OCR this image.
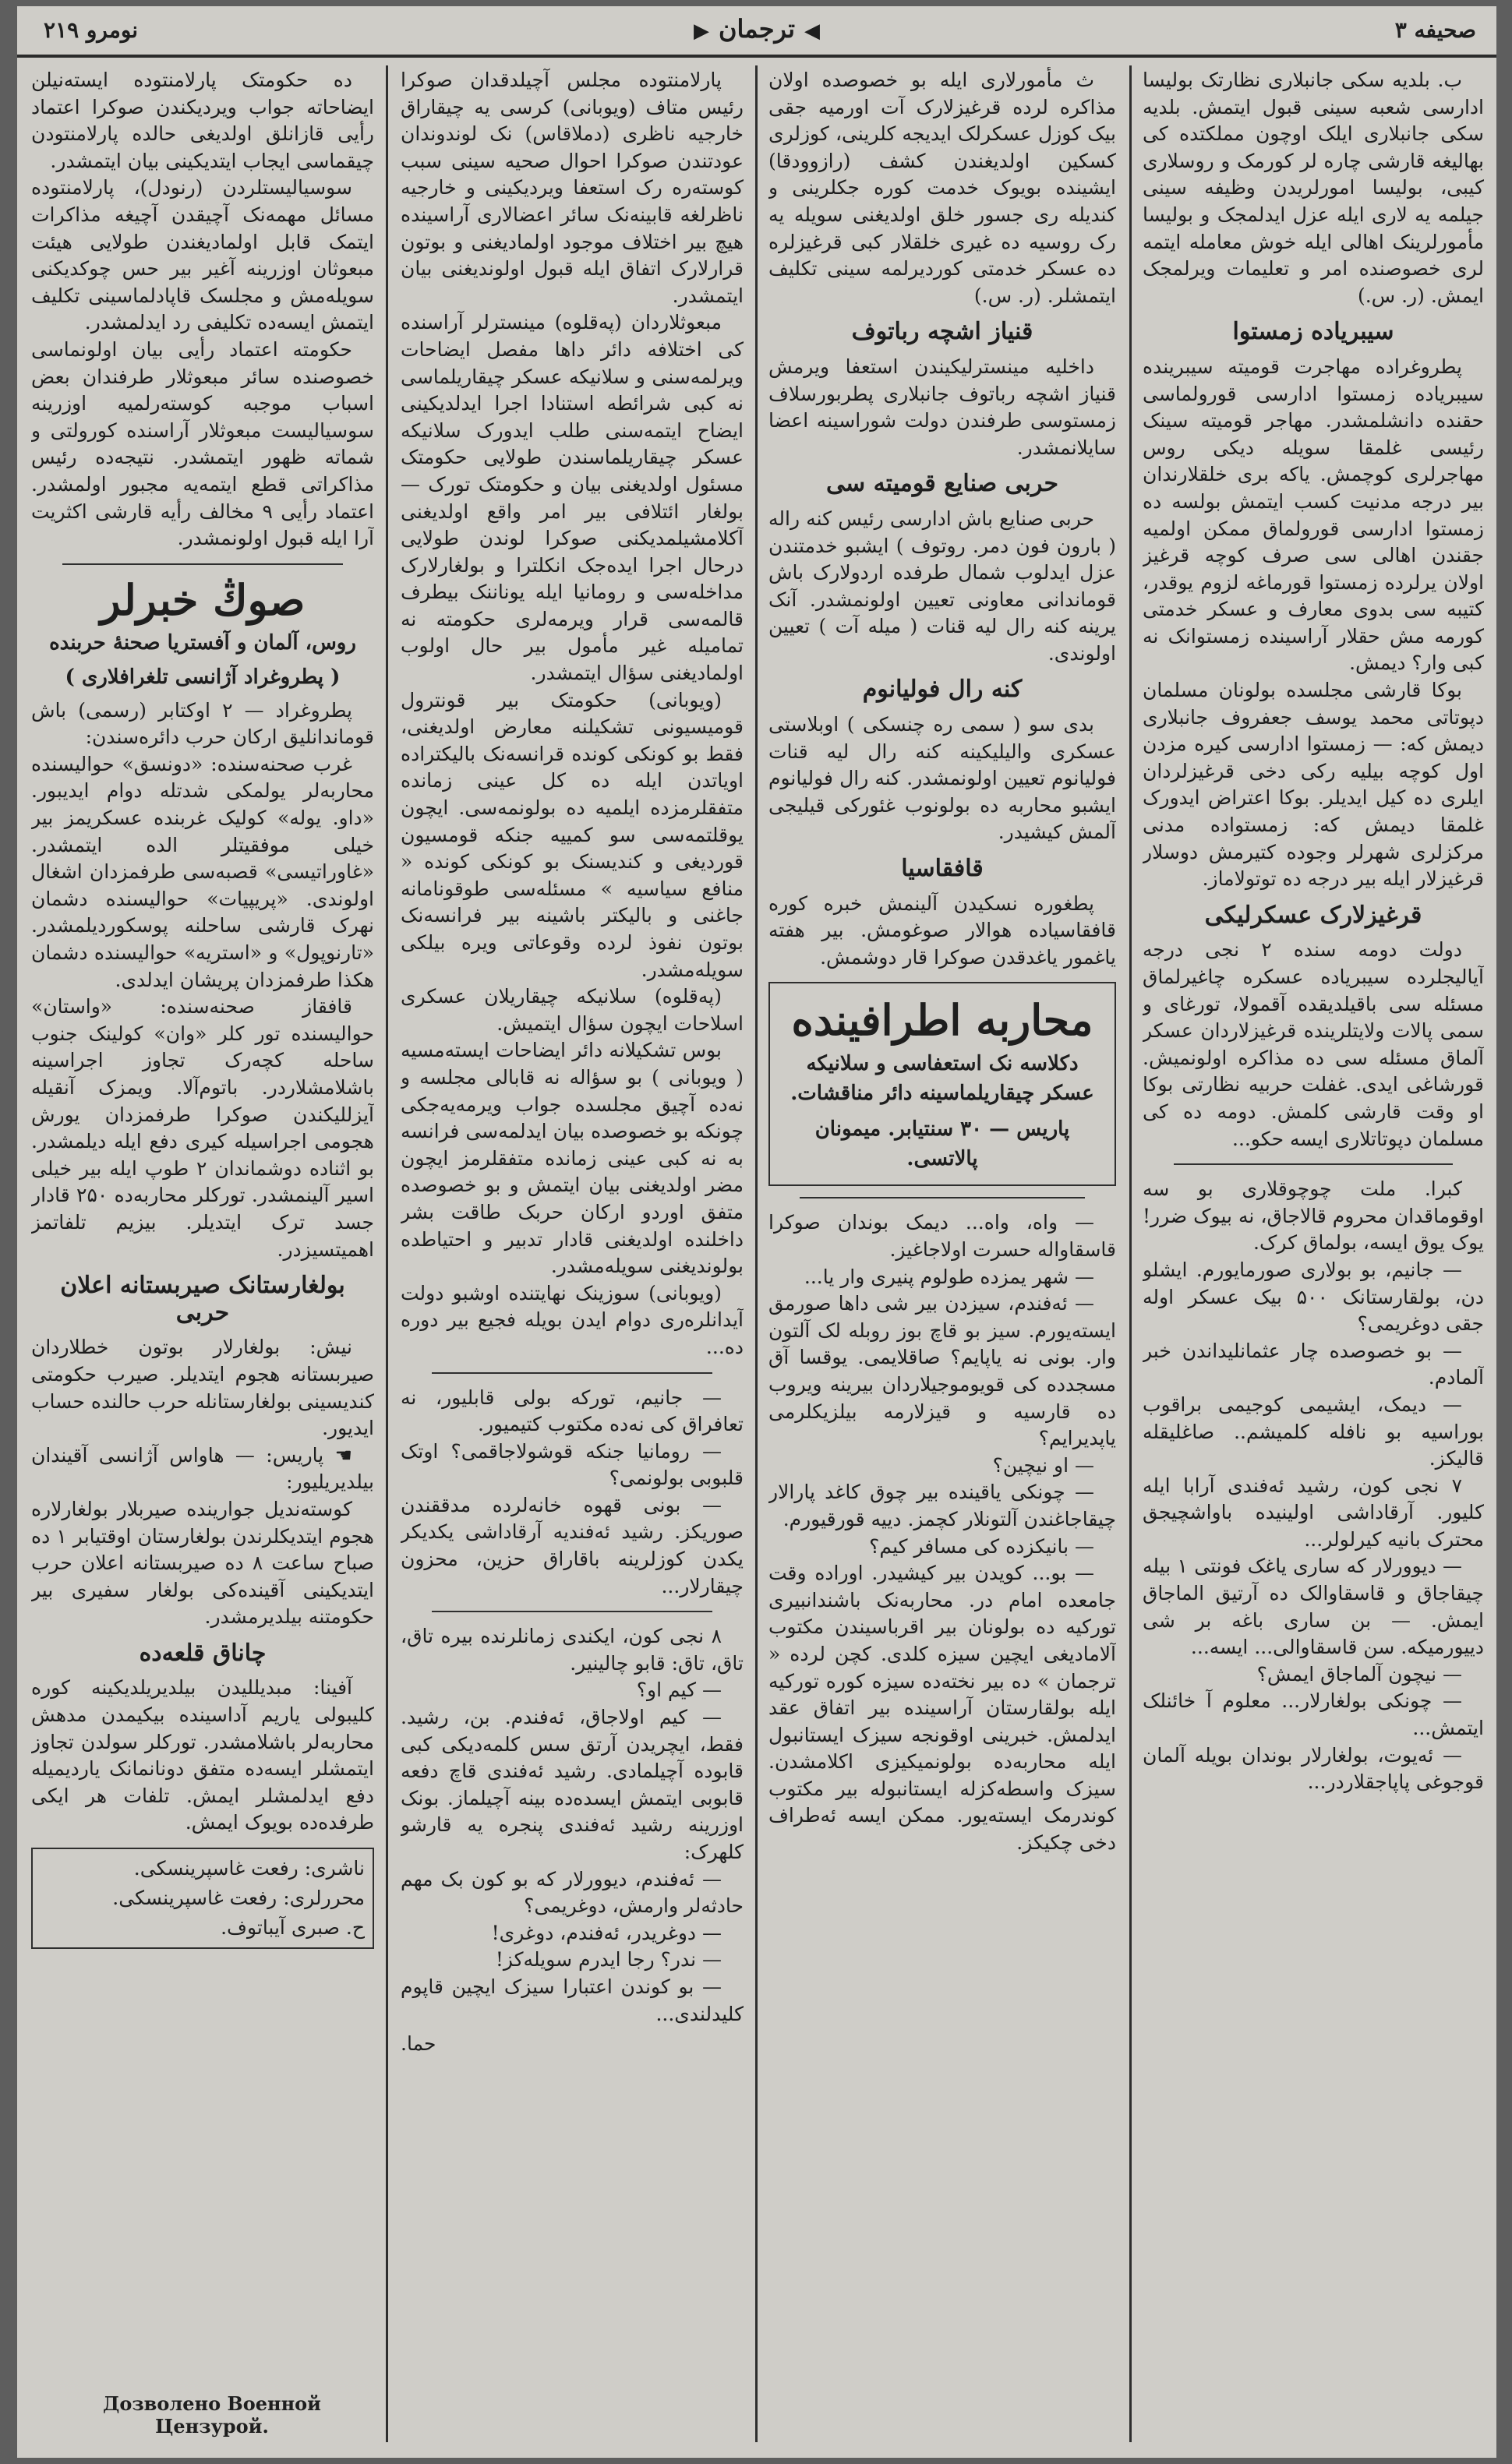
صحیفه ۳
◀ترجمان▶
نومرو ۲۱۹

ب. بلدیه سکی جانبلاری نظارتک بولیسا ادارسی شعبه سینی قبول ایتمش. بلدیه سکی جانبلاری ایلک اوچون مملکتده کی بهالیغه قارشی چاره لر کورمک و روسلاری کیبی، بولیسا امورلریدن وظیفه سینی جیلمه یه لاری ایله عزل ایدلمجک و بولیسا مأمورلرینک اهالی ایله خوش معامله ایتمه لری خصوصنده امر و تعلیمات ویرلمجک ایمش. (ر. س.)

سیبریاده زمستوا

پطروغراده مهاجرت قومیته سیبرینده سیبریاده زمستوا ادارسی قورولماسی حقنده دانشلمشدر. مهاجر قومیته سینک رئیسی غلمقا سویله دیکی روس مهاجرلری کوچمش. یاکه بری خلقلارندان بیر درجه مدنیت کسب ایتمش بولسه ده زمستوا ادارسی قورولماق ممکن اولمیه جقندن اهالی سی صرف کوچه قرغیز اولان یرلرده زمستوا قورماغه لزوم یوقدر، کتیبه سی بدوی معارف و عسکر خدمتی کورمه مش حقلار آراسینده زمستوانک نه کبی وار؟ دیمش.

بوکا قارشی مجلسده بولونان مسلمان دپوتاتی محمد یوسف جعفروف جانبلاری دیمش که: — زمستوا ادارسی کیره مزدن اول کوچه بیلیه رکی دخی قرغیزلردان ایلری ده کیل ایدیلر. بوکا اعتراض ایدورک غلمقا دیمش که: زمستواده مدنی مرکزلری شهرلر وجوده کتیرمش دوسلار قرغیزلار ایله بیر درجه ده توتولاماز.

قرغیزلارک عسکرلیکی

دولت دومه سنده ۲ نجی درجه آیالیجلرده سیبریاده عسکره چاغیرلماق مسئله سی باقیلدیقده آقمولا، تورغای و سمی پالات ولایتلرینده قرغیزلاردان عسکر آلماق مسئله سی ده مذاکره اولونمیش. قورشاغی ایدی. غفلت حربیه نظارتی بوکا او وقت قارشی کلمش. دومه ده کی مسلمان دپوتاتلاری ایسه حکو...

کبرا. ملت چوچوقلاری بو سه اوقوماقدان محروم قالاجاق، نه بیوک ضرر! یوک یوق ایسه، بولماق کرک.

— جانیم، بو بولاری صورمایورم. ایشلو دن، بولقارستانک ۵۰۰ بیک عسکر اوله جقی دوغریمی؟

— بو خصوصده چار عثمانلیداندن خبر آلمادم.

— دیمک، ایشیمی کوجیمی براقوب بوراسیه بو نافله کلمیشم.. صاغلیقله قالیکز.

۷ نجی کون، رشید ئه‌فندی آرابا ایله کلیور. آرقاداشی اولینیده باواشچیجق محترک بانیه کیرلولر...

— دیوورلار که ساری یاغک فونتی ۱ بیله چیقاجاق و قاسقاوالک ده آرتیق الماجاق ایمش. — بن ساری باغه بر شی دییورمیکه. سن قاسقاوالی... ایسه...

— نیچون آلماجاق ایمش؟

— چونکی بولغارلار... معلوم آ خائنلک ایتمش...

— ئه‌یوت، بولغارلار بوندان بویله آلمان قوجوغی پاپاجقلاردر...

ث مأمورلاری ایله بو خصوصده اولان مذاکره لرده قرغیزلارک آت اورمیه جقی بیک کوزل عسکرلک ایدیجه کلرینی، کوزلری کسکین اولدیغندن کشف (رازوودقا) ایشینده بویوک خدمت کوره جکلرینی و کندیله ری جسور خلق اولدیغنی سویله یه رک روسیه ده غیری خلقلار کبی قرغیزلره ده عسکر خدمتی کوردیرلمه سینی تکلیف ایتمشلر. (ر. س.)

قنیاز اشچه رباتوف

داخلیه مینسترلیکیندن استعفا ویرمش قنیاز اشچه رباتوف جانبلاری پطربورسلاف زمستوسی طرفندن دولت شوراسینه اعضا سایلانمشدر.

حربی صنایع قومیته سی

حربی صنایع باش ادارسی رئیس کنه راله ( بارون فون دمر. روتوف ) ایشبو خدمتندن عزل ایدلوب شمال طرفده اردولارک باش قوماندانی معاونی تعیین اولونمشدر. آنک یرینه کنه رال لیه قنات ( میله آت ) تعیین اولوندی.

کنه رال فولیانوم

بدی سو ( سمی ره چنسکی ) اوبلاستی عسکری والیلیکینه کنه رال لیه قنات فولیانوم تعیین اولونمشدر. کنه رال فولیانوم ایشبو محاربه ده بولونوب غئورکی قیلیجی آلمش کیشیدر.

قافقاسیا

پطغوره نسکیدن آلینمش خبره کوره قافقاسیاده هوالار صوغومش. بیر هفته یاغمور یاغدقدن صوکرا قار دوشمش.

محاربه اطرافینده
دکلاسه نک استعفاسی و سلانیکه عسکر چیقاریلماسینه دائر مناقشات.
پاریس — ۳۰ سنتیابر. میمونان پالاتسی.

— واه، واه... دیمک بوندان صوکرا قاسقاواله حسرت اولاجاغیز.

— شهر یمزده طولوم پنیری وار یا...

— ئه‌فندم، سیزدن بیر شی داها صورمق ایسته‌یورم. سیز بو قاچ بوز روبله لک آلتون وار. بونی نه یاپایم؟ صاقلایمی. یوقسا آق مسجدده کی قویوموجیلاردان بیرینه ویروب ده قارسیه و قیزلارمه بیلزیکلرمی یاپدیرایم؟

— او نیچین؟

— چونکی یاقینده بیر چوق کاغد پارالار چیقاجاغندن آلتونلار کچمز. دییه قورقیورم.

— بانیکزده کی مسافر کیم؟

— بو... کویدن بیر کیشیدر. اوراده وقت جامعده امام در. محاربه‌نک باشندانبیری تورکیه ده بولونان بیر اقرباسیندن مکتوب آلامادیغی ایچین سیزه کلدی. کچن لرده « ترجمان » ده بیر نخته‌ده سیزه کوره تورکیه ایله بولقارستان آراسینده بیر اتفاق عقد ایدلمش. خبرینی اوقونجه سیزک ایستانبول ایله محاربه‌ده بولونمیکیزی اکلامشدن. سیزک واسطه‌کزله ایستانبوله بیر مکتوب کوندرمک ایسته‌یور. ممکن ایسه ئه‌طراف دخی چکیکز.

پارلامنتوده مجلس آچیلدقدان صوکرا رئیس متاف (ویوبانی) کرسی یه چیقاراق خارجیه ناظری (دملاقاس) نک لوندوندان عودتندن صوکرا احوال صحیه سینی سبب کوسته‌ره رک استعفا ویردیکینی و خارجیه ناظرلغه قابینه‌نک سائر اعضالاری آراسینده هیچ بیر اختلاف موجود اولمادیغنی و بوتون قرارلارک اتفاق ایله قبول اولوندیغنی بیان ایتمشدر.

مبعوثلاردان (په‌قلوه) مینسترلر آراسنده کی اختلافه دائر داها مفصل ایضاحات ویرلمه‌سنی و سلانیکه عسکر چیقاریلماسی نه کبی شرائطه استنادا اجرا ایدلدیکینی ایضاح ایتمه‌سنی طلب ایدورک سلانیکه عسکر چیقاریلماسندن طولایی حکومتک مسئول اولدیغنی بیان و حکومتک تورک — بولغار ائتلافی بیر امر واقع اولدیغنی آکلامشیلمدیکنی صوکرا لوندن طولایی درحال اجرا ایده‌جک انکلترا و بولغارلارک مداخله‌سی و رومانیا ایله یوناننک بیطرف قالمه‌سی قرار ویرمه‌لری حکومته نه تمامیله غیر مأمول بیر حال اولوب اولمادیغنی سؤال ایتمشدر.

(ویوبانی) حکومتک بیر قونترول قومیسیونی تشکیلنه معارض اولدیغنی، فقط بو کونکی کونده قرانسه‌نک بالیکتراده اویاتدن ایله ده کل عینی زمانده متفقلرمزده ایلمیه ده بولونمه‌سی. ایچون یوقلتمه‌سی سو کمییه جنکه قومسیون قوردیغی و کندیسنک بو کونکی کونده « منافع سیاسیه » مسئله‌سی طوقونامانه جاغنی و بالیکتر باشینه بیر فرانسه‌نک بوتون نفوذ لرده وقوعاتی ویره بیلکی سویله‌مشدر.

(په‌قلوه) سلانیکه چیقاریلان عسکری اسلاحات ایچون سؤال ایتمیش.

بوس تشکیلانه دائر ایضاحات ایسته‌مسیه ( ویوبانی ) بو سؤاله نه قابالی مجلسه و نه‌ده آچیق مجلسده جواب ویرمه‌یه‌جکی چونکه بو خصوصده بیان ایدلمه‌سی فرانسه به نه کبی عینی زمانده متفقلرمز ایچون مضر اولدیغنی بیان ایتمش و بو خصوصده متفق اوردو ارکان حربک طاقت بشر داخلنده اولدیغنی قادار تدبیر و احتیاطده بولوندیغنی سویله‌مشدر.

(ویوبانی) سوزینک نهایتنده اوشبو دولت آیدانلره‌ری دوام ایدن بویله فجیع بیر دوره ده...

— جانیم، تورکه بولی قابلیور، نه تعافراق کی نه‌ده مکتوب کتیمیور.

— رومانیا جنکه قوشولاجاقمی؟ اوتک قلبوبی بولونمی؟

— بونی قهوه خانه‌لرده مدققندن صوریکز. رشید ئه‌فندیه آرقاداشی یکدیکر یکدن کوزلرینه باقاراق حزین، محزون چیقارلار...

۸ نجی کون، ایکندی زمانلرنده بیره تاق، تاق، تاق: قابو چالینیر.

— کیم او؟

— کیم اولاجاق، ئه‌فندم. بن، رشید. فقط، ایچریدن آرتق سس کلمه‌دیکی کبی قابوده آچیلمادی. رشید ئه‌فندی قاچ دفعه قابوبی ایتمش ایسده‌ده بینه آچیلماز. بونک اوزرینه رشید ئه‌فندی پنجره یه قارشو کلهرک:

— ئه‌فندم، دیوورلار که بو کون بک مهم حادثه‌لر وارمش، دوغریمی؟

— دوغریدر، ئه‌فندم، دوغری!

— ندر؟ رجا ایدرم سویله‌کز!

— بو کوندن اعتبارا سیزک ایچین قاپوم کلیدلندی...

حما.

ده حکومتک پارلامنتوده ایسته‌نیلن ایضاحاته جواب ویردیکندن صوکرا اعتماد رأیی قازانلق اولدیغی حالده پارلامنتودن چیقماسی ایجاب ایتدیکینی بیان ایتمشدر.

سوسیالیستلردن (رنودل)، پارلامنتوده مسائل مهمه‌نک آچیقدن آچیغه مذاکرات ایتمک قابل اولمادیغندن طولایی هیئت مبعوثان اوزرینه آغیر بیر حس چوکدیکنی سویله‌مش و مجلسک قاپادلماسینی تکلیف ایتمش ایسه‌ده تکلیفی رد ایدلمشدر.

حکومته اعتماد رأیی بیان اولونماسی خصوصنده سائر مبعوثلار طرفندان بعض اسباب موجبه کوسته‌رلمیه اوزرینه سوسیالیست مبعوثلار آراسنده کورولتی و شماته ظهور ایتمشدر. نتیجه‌ده رئیس مذاکراتی قطع ایتمه‌یه مجبور اولمشدر. اعتماد رأیی ۹ مخالف رأیه قارشی اکثریت آرا ایله قبول اولونمشدر.

صوڭ خبرلر
روس، آلمان و آفستریا صحنهٔ حربنده
( پطروغراد آژانسی تلغرافلاری )

پطروغراد — ۲ اوکتابر (رسمی) باش قوماندانلیق ارکان حرب دائره‌سندن:

غرب صحنه‌سنده: «دونسق» حوالیسنده محاربه‌لر یولمکی شدتله دوام ایدیبور. «داو. یوله» کولیک غربنده عسکریمز بیر خیلی موفقیتلر الده ایتمشدر. «غاوراتیسی» قصبه‌سی طرفمزدان اشغال اولوندی. «پریپیات» حوالیسنده دشمان نهرک قارشی ساحلنه پوسکوردیلمشدر. «تارنوپول» و «استریه» حوالیسنده دشمان هکذا طرفمزدان پریشان ایدلدی.

قافقاز صحنه‌سنده: «واستان» حوالیسنده تور کلر «وان» کولینک جنوب ساحله کچه‌رک تجاوز اجراسینه باشلامشلاردر. باتوم‌آلا. ویمزک آنقیله آیزللیکندن صوکرا طرفمزدان یورش هجومی اجراسیله کیری دفع ایله دیلمشدر. بو اثناده دوشماندان ۲ طوپ ایله بیر خیلی اسیر آلینمشدر. تورکلر محاربه‌ده ۲۵۰ قادار جسد ترک ایتدیلر. بیزیم تلفاتمز اهمیتسیزدر.

بولغارستانک صیربستانه اعلان حربی

نیش: بولغارلار بوتون خطلاردان صیربستانه هجوم ایتدیلر. صیرب حکومتی کندیسینی بولغارستانله حرب حالنده حساب ایدیور.

☚ پاریس: — هاواس آژانسی آقیندان بیلدیریلیور:

کوسته‌ندیل جوارینده صیربلار بولغارلاره هجوم ایتدیکلرندن بولغارستان اوقتیابر ۱ ده صباح ساعت ۸ ده صیربستانه اعلان حرب ایتدیکینی آقینده‌کی بولغار سفیری بیر حکومتنه بیلدیرمشدر.

چاناق قلعه‌ده

آفینا: مبدیللیدن بیلدیریلدیکینه کوره کلیبولی یاریم آداسینده بیکیمدن مدهش محاربه‌لر باشلامشدر. تورکلر سولدن تجاوز ایتمشلر ایسه‌ده متفق دونانمانک یاردیمیله دفع ایدلمشلر ایمش. تلفات هر ایکی طرفده‌ده بویوک ایمش.

ناشری: رفعت غاسپرینسکی.
محررلری: رفعت غاسپرینسکی.
ح. صبری آیباتوف.
Дозволено Военной Цензурой.
